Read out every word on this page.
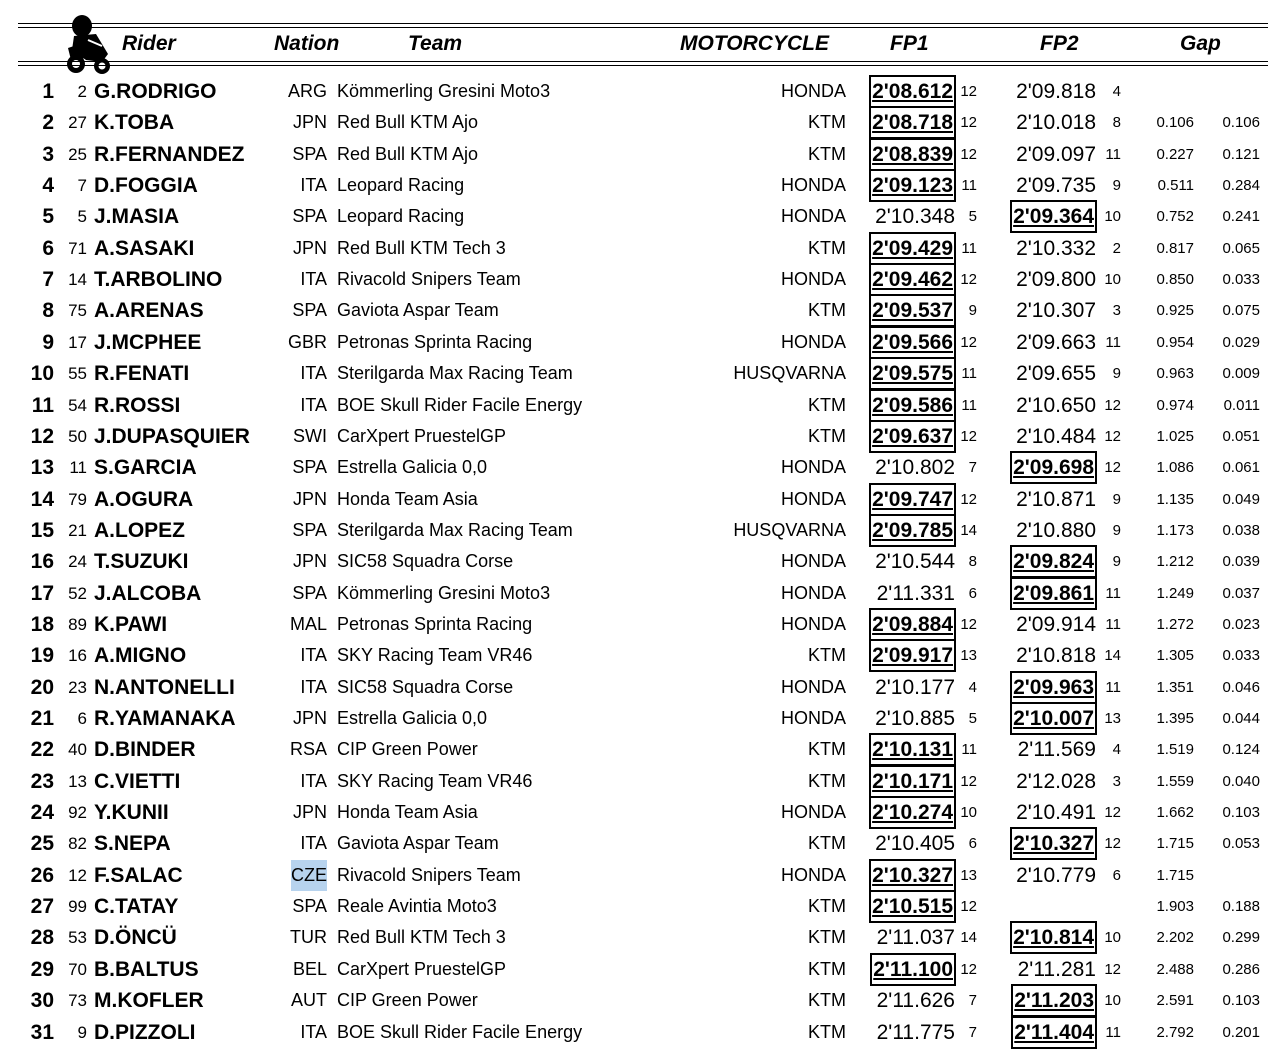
Rider	Nation	Team	MOTORCYCLE	FP1	FP2	Gap
1 2 G.RODRIGO	ARG Kömmerling Gresini Moto3	HONDA 2'08.612 12 2'09.818 4
2 27 K.TOBA	JPN Red Bull KTM Ajo	KTM 2'08.718 12 2'10.018 8 0.106 0.106
3 25 R.FERNANDEZ	SPA Red Bull KTM Ajo	KTM 2'08.839 12 2'09.097 11 0.227 0.121
4 7 D.FOGGIA	ITA Leopard Racing	HONDA 2'09.123 11 2'09.735 9 0.511 0.284
5 5 J.MASIA	SPA Leopard Racing	HONDA 2'10.348 5 2'09.364 10 0.752 0.241
6 71 A.SASAKI	JPN Red Bull KTM Tech 3	KTM 2'09.429 11 2'10.332 2 0.817 0.065
7 14 T.ARBOLINO	ITA Rivacold Snipers Team	HONDA 2'09.462 12 2'09.800 10 0.850 0.033
8 75 A.ARENAS	SPA Gaviota Aspar Team	KTM 2'09.537 9 2'10.307 3 0.925 0.075
9 17 J.MCPHEE	GBR Petronas Sprinta Racing	HONDA 2'09.566 12 2'09.663 11 0.954 0.029
10 55 R.FENATI	ITA Sterilgarda Max Racing Team	HUSQVARNA 2'09.575 11 2'09.655 9 0.963 0.009
11 54 R.ROSSI	ITA BOE Skull Rider Facile Energy	KTM 2'09.586 11 2'10.650 12 0.974 0.011
12 50 J.DUPASQUIER SWI CarXpert PruestelGP	KTM 2'09.637 12 2'10.484 12 1.025 0.051
13 11 S.GARCIA	SPA Estrella Galicia 0,0	HONDA 2'10.802 7 2'09.698 12 1.086 0.061
14 79 A.OGURA	JPN Honda Team Asia	HONDA 2'09.747 12 2'10.871 9 1.135 0.049
15 21 A.LOPEZ	SPA Sterilgarda Max Racing Team	HUSQVARNA 2'09.785 14 2'10.880 9 1.173 0.038
16 24 T.SUZUKI	JPN SIC58 Squadra Corse	HONDA 2'10.544 8 2'09.824 9 1.212 0.039
17 52 J.ALCOBA	SPA Kömmerling Gresini Moto3	HONDA 2'11.331 6 2'09.861 11 1.249 0.037
18 89 K.PAWI	MAL Petronas Sprinta Racing	HONDA 2'09.884 12 2'09.914 11 1.272 0.023
19 16 A.MIGNO	ITA SKY Racing Team VR46	KTM 2'09.917 13 2'10.818 14 1.305 0.033
20 23 N.ANTONELLI	ITA SIC58 Squadra Corse	HONDA 2'10.177 4 2'09.963 11 1.351 0.046
21 6 R.YAMANAKA	JPN Estrella Galicia 0,0	HONDA 2'10.885 5 2'10.007 13 1.395 0.044
22 40 D.BINDER	RSA CIP Green Power	KTM 2'10.131 11 2'11.569 4 1.519 0.124
23 13 C.VIETTI	ITA SKY Racing Team VR46	KTM 2'10.171 12 2'12.028 3 1.559 0.040
24 92 Y.KUNII	JPN Honda Team Asia	HONDA 2'10.274 10 2'10.491 12 1.662 0.103
25 82 S.NEPA	ITA Gaviota Aspar Team	KTM 2'10.405 6 2'10.327 12 1.715 0.053
26 12 F.SALAC	CZE Rivacold Snipers Team	HONDA 2'10.327 13 2'10.779 6 1.715
27 99 C.TATAY	SPA Reale Avintia Moto3	KTM 2'10.515 12	1.903 0.188
28 53 D.ÖNCÜ	TUR Red Bull KTM Tech 3	KTM 2'11.037 14 2'10.814 10 2.202 0.299
29 70 B.BALTUS	BEL CarXpert PruestelGP	KTM 2'11.100 12 2'11.281 12 2.488 0.286
30 73 M.KOFLER	AUT CIP Green Power	KTM 2'11.626 7 2'11.203 10 2.591 0.103
31 9 D.PIZZOLI	ITA BOE Skull Rider Facile Energy	KTM 2'11.775 7 2'11.404 11 2.792 0.201
